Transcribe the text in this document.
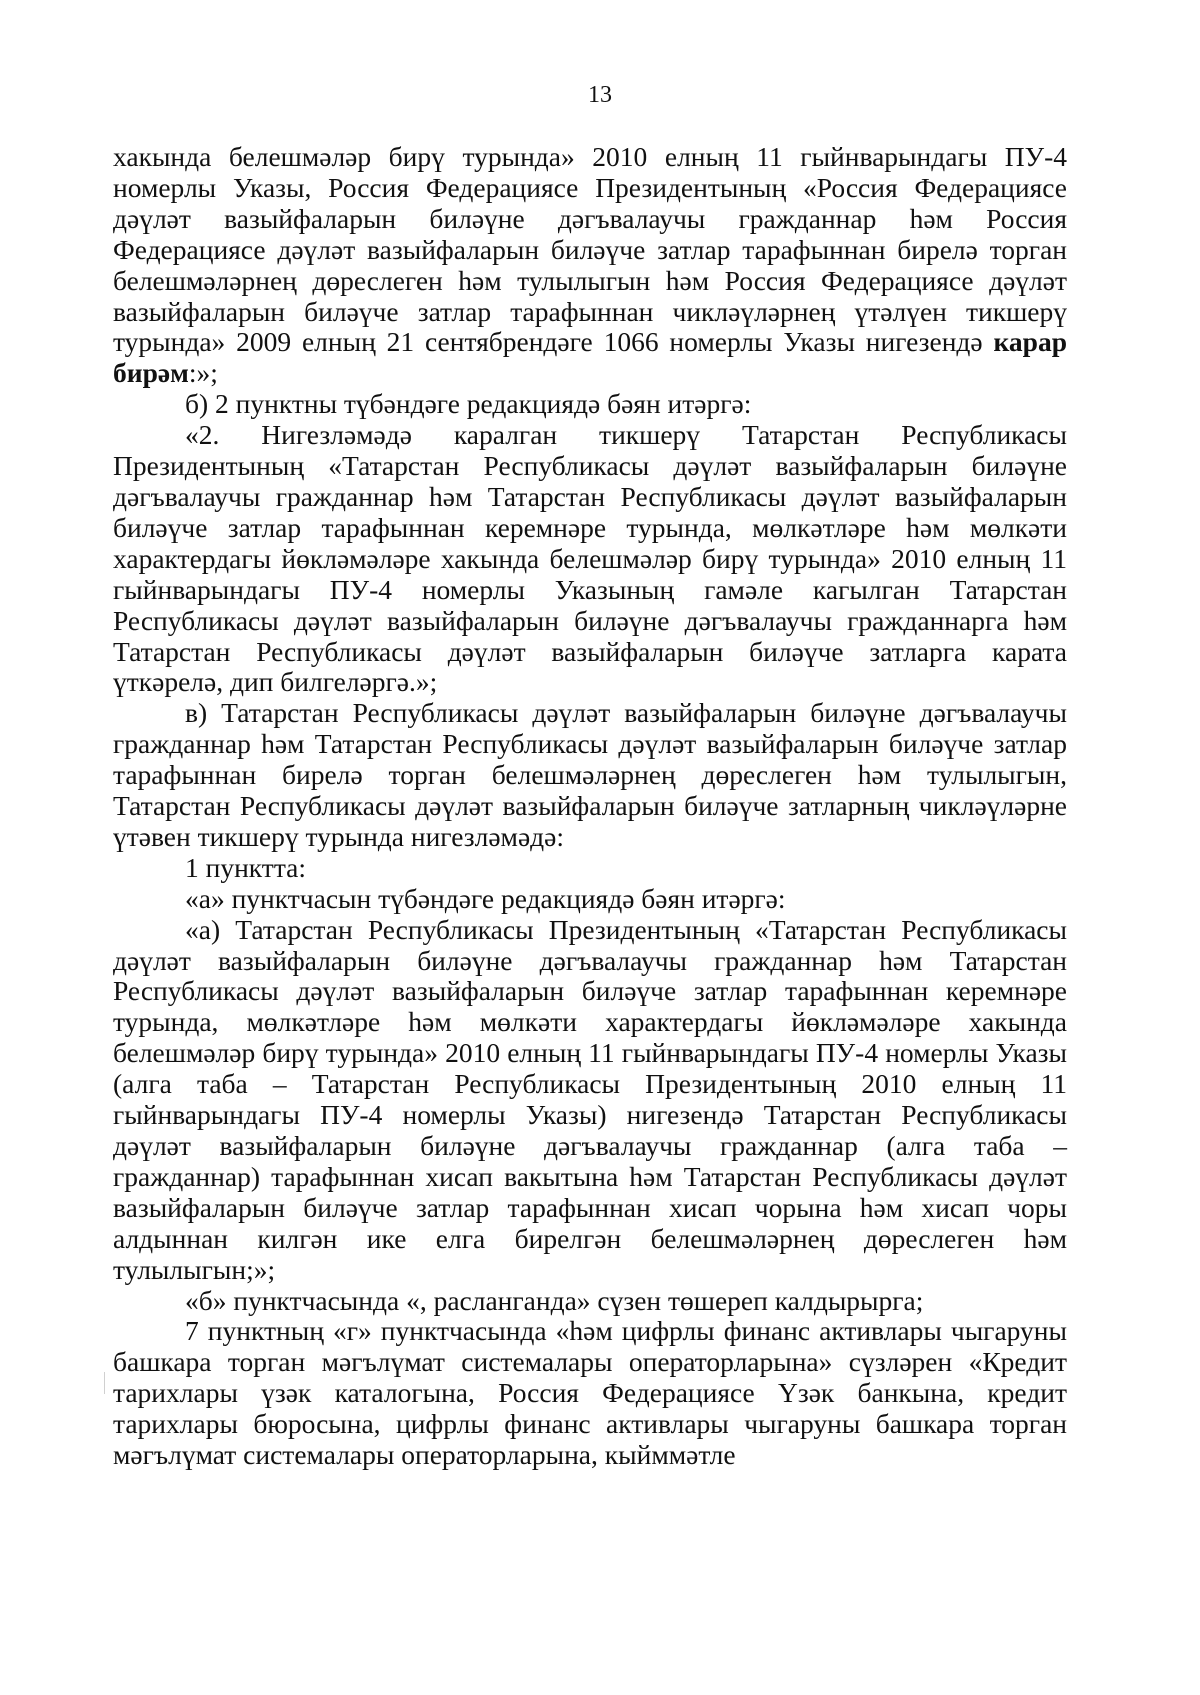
13

хакында белешмәләр бирү турында» 2010 елның 11 гыйнварындагы ПУ-4 номерлы Указы, Россия Федерациясе Президентының «Россия Федерациясе дәүләт вазыйфаларын биләүне дәгъвалаучы гражданнар һәм Россия Федерациясе дәүләт вазыйфаларын биләүче затлар тарафыннан бирелә торган белешмәләрнең дөреслеген һәм тулылыгын һәм Россия Федерациясе дәүләт вазыйфаларын биләүче затлар тарафыннан чикләүләрнең үтәлүен тикшерү турында» 2009 елның 21 сентябрендәге 1066 номерлы Указы нигезендә карар бирәм:»;

б) 2 пунктны түбәндәге редакциядә бәян итәргә:

«2. Нигезләмәдә каралган тикшерү Татарстан Республикасы Президентының «Татарстан Республикасы дәүләт вазыйфаларын биләүне дәгъвалаучы гражданнар һәм Татарстан Республикасы дәүләт вазыйфаларын биләүче затлар тарафыннан керемнәре турында, мөлкәтләре һәм мөлкәти характердагы йөкләмәләре хакында белешмәләр бирү турында» 2010 елның 11 гыйнварындагы ПУ-4 номерлы Указының гамәле кагылган Татарстан Республикасы дәүләт вазыйфаларын биләүне дәгъвалаучы гражданнарга һәм Татарстан Республикасы дәүләт вазыйфаларын биләүче затларга карата үткәрелә, дип билгеләргә.»;

в) Татарстан Республикасы дәүләт вазыйфаларын биләүне дәгъвалаучы гражданнар һәм Татарстан Республикасы дәүләт вазыйфаларын биләүче затлар тарафыннан бирелә торган белешмәләрнең дөреслеген һәм тулылыгын, Татарстан Республикасы дәүләт вазыйфаларын биләүче затларның чикләүләрне үтәвен тикшерү турында нигезләмәдә:

1 пунктта:

«а» пунктчасын түбәндәге редакциядә бәян итәргә:

«а) Татарстан Республикасы Президентының «Татарстан Республикасы дәүләт вазыйфаларын биләүне дәгъвалаучы гражданнар һәм Татарстан Республикасы дәүләт вазыйфаларын биләүче затлар тарафыннан керемнәре турында, мөлкәтләре һәм мөлкәти характердагы йөкләмәләре хакында белешмәләр бирү турында» 2010 елның 11 гыйнварындагы ПУ-4 номерлы Указы (алга таба – Татарстан Республикасы Президентының 2010 елның 11 гыйнварындагы ПУ-4 номерлы Указы) нигезендә Татарстан Республикасы дәүләт вазыйфаларын биләүне дәгъвалаучы гражданнар (алга таба – гражданнар) тарафыннан хисап вакытына һәм Татарстан Республикасы дәүләт вазыйфаларын биләүче затлар тарафыннан хисап чорына һәм хисап чоры алдыннан килгән ике елга бирелгән белешмәләрнең дөреслеген һәм тулылыгын;»;

«б» пунктчасында «, расланганда» сүзен төшереп калдырырга;

7 пунктның «г» пунктчасында «һәм цифрлы финанс активлары чыгаруны башкара торган мәгълүмат системалары операторларына» сүзләрен «Кредит тарихлары үзәк каталогына, Россия Федерациясе Үзәк банкына, кредит тарихлары бюросына, цифрлы финанс активлары чыгаруны башкара торган мәгълүмат системалары операторларына, кыйммәтле
